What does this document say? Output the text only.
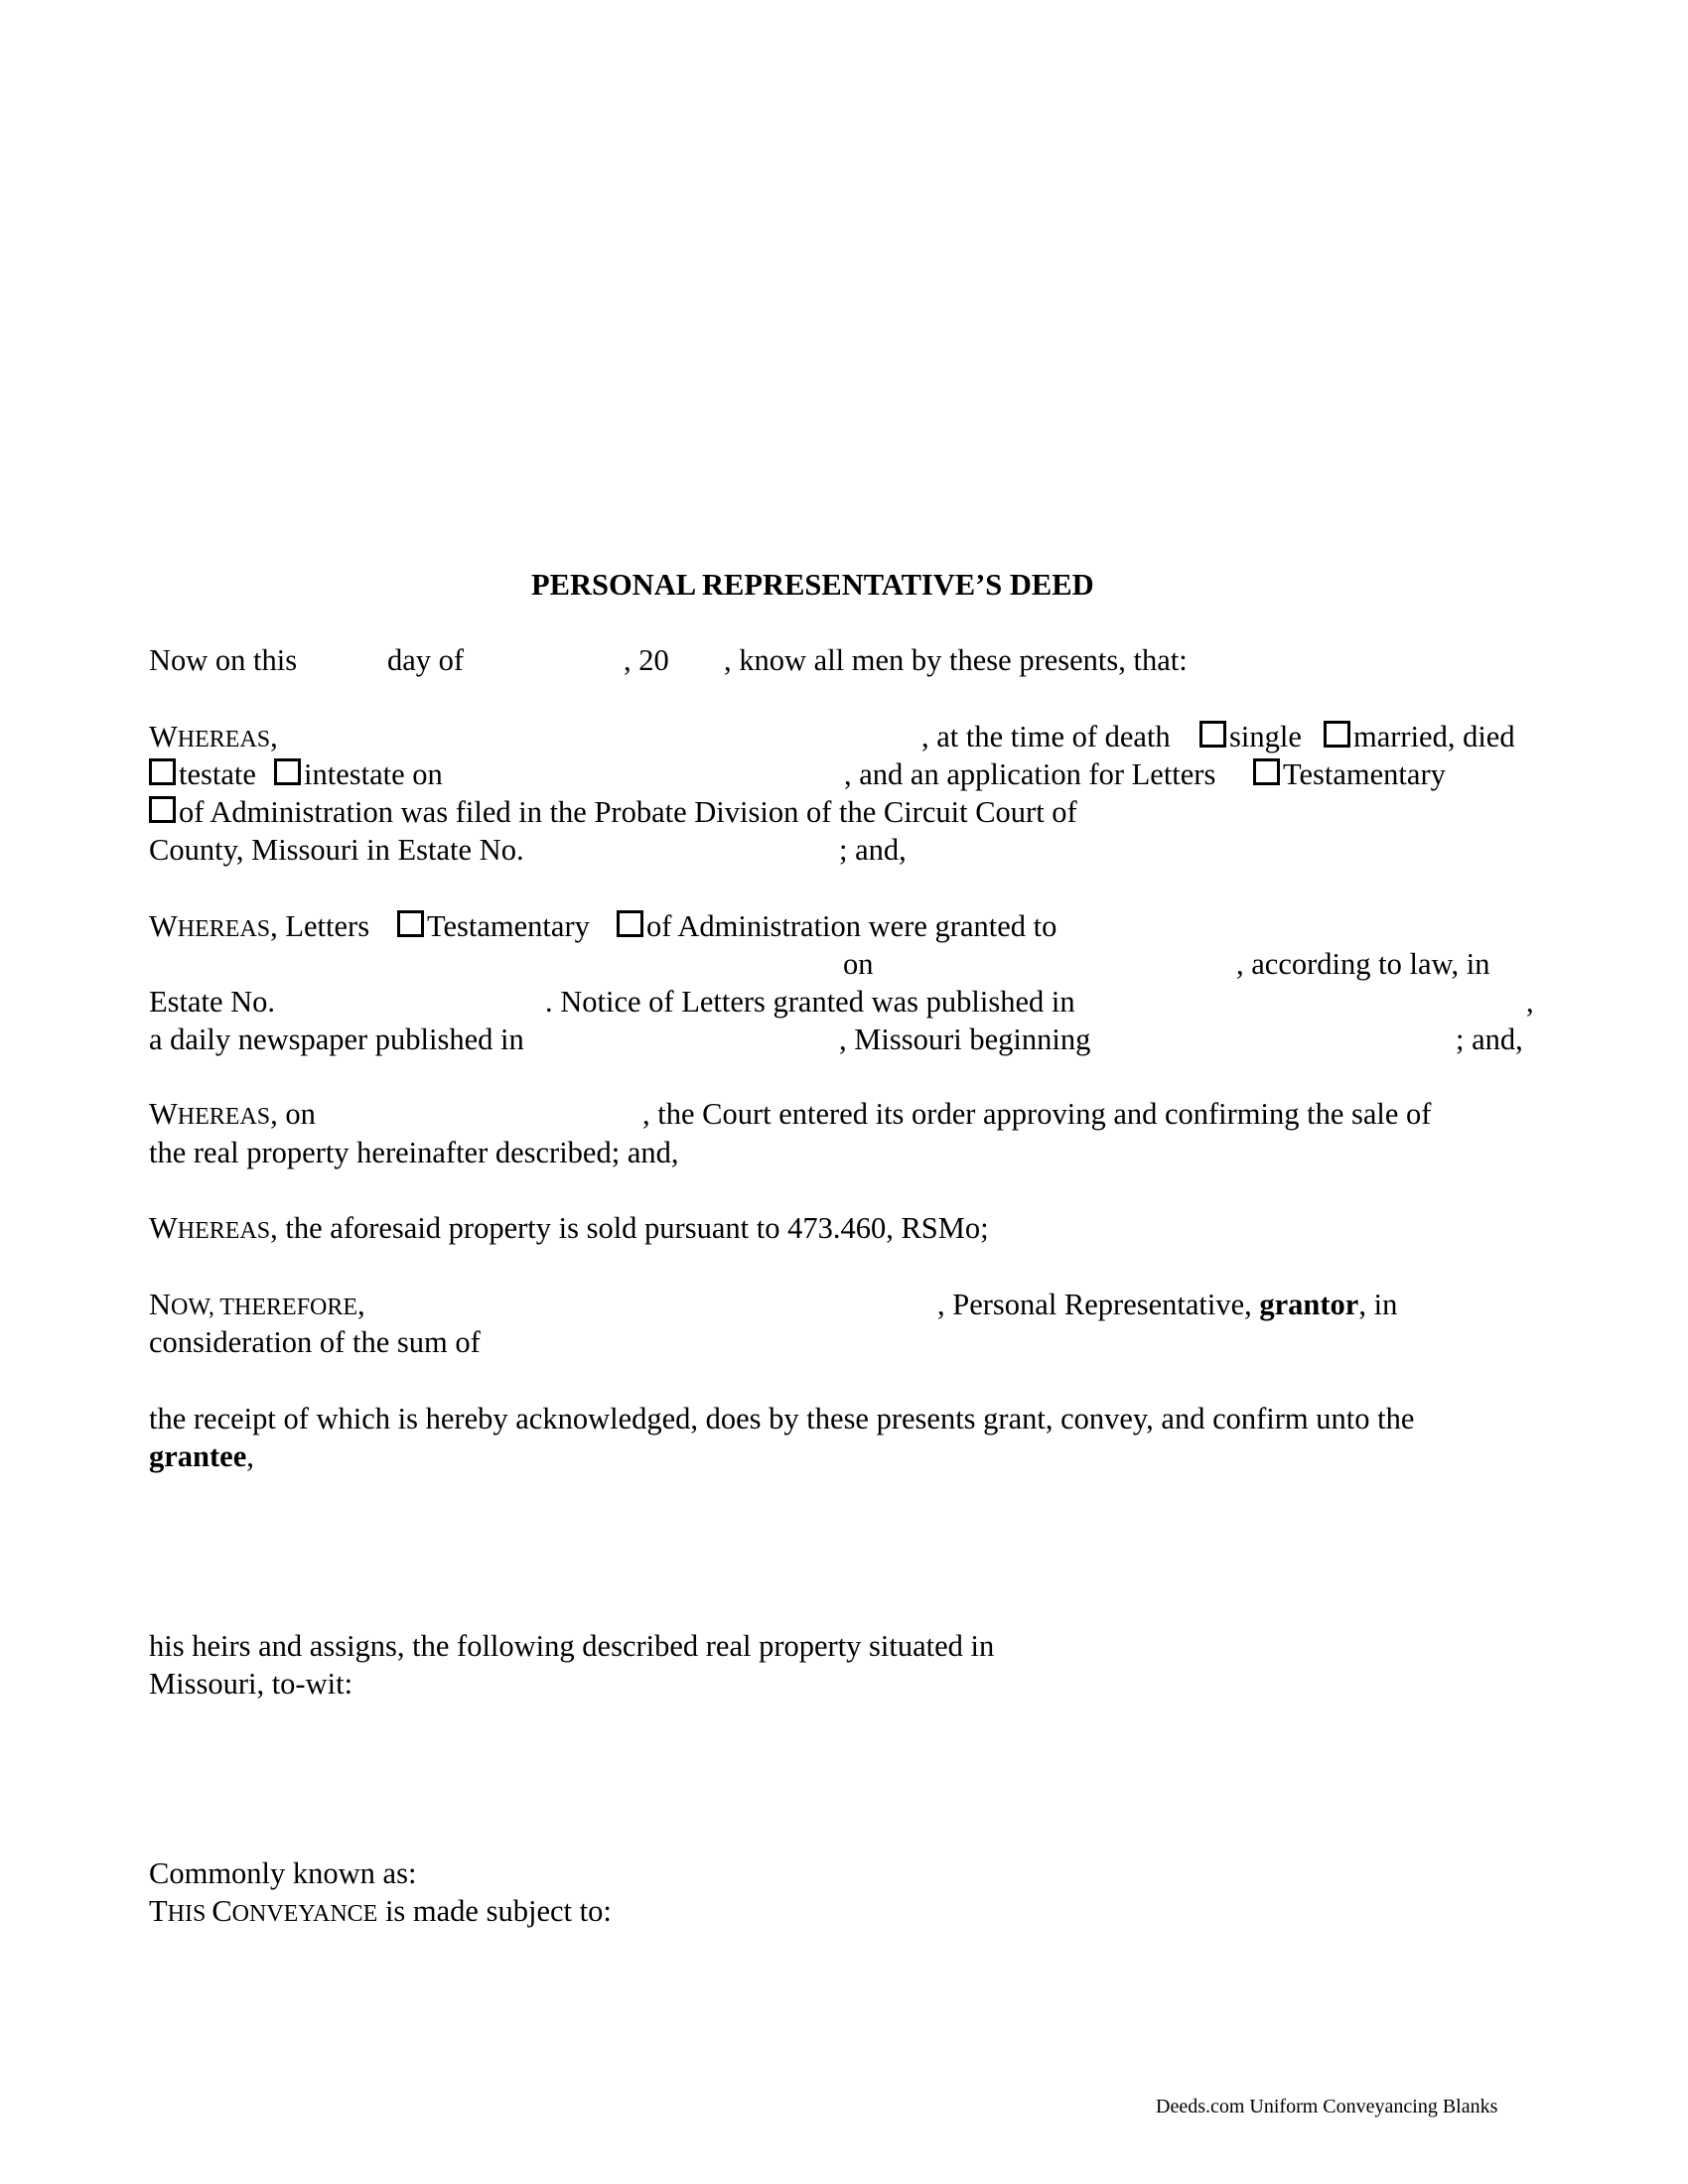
PERSONAL REPRESENTATIVE’S DEED
Now on this	day of	, 20 , know all men by these presents, that:
WHEREAS,	, at the time of death single married, died
testate intestate on	, and an application for Letters Testamentary
of Administration was filed in the Probate Division of the Circuit Court of
County, Missouri in Estate No.	; and,
WHEREAS, Letters Testamentary of Administration were granted to
on	, according to law, in
Estate No.	. Notice of Letters granted was published in	,
a daily newspaper published in	, Missouri beginning	; and,
WHEREAS, on	, the Court entered its order approving and confirming the sale of
the real property hereinafter described; and,
WHEREAS, the aforesaid property is sold pursuant to 473.460, RSMo;
NOW, THEREFORE,	, Personal Representative, grantor, in
consideration of the sum of
the receipt of which is hereby acknowledged, does by these presents grant, convey, and confirm unto the
grantee,
his heirs and assigns, the following described real property situated in
Missouri, to-wit:
Commonly known as:
THIS CONVEYANCE is made subject to:
Deeds.com Uniform Conveyancing Blanks
